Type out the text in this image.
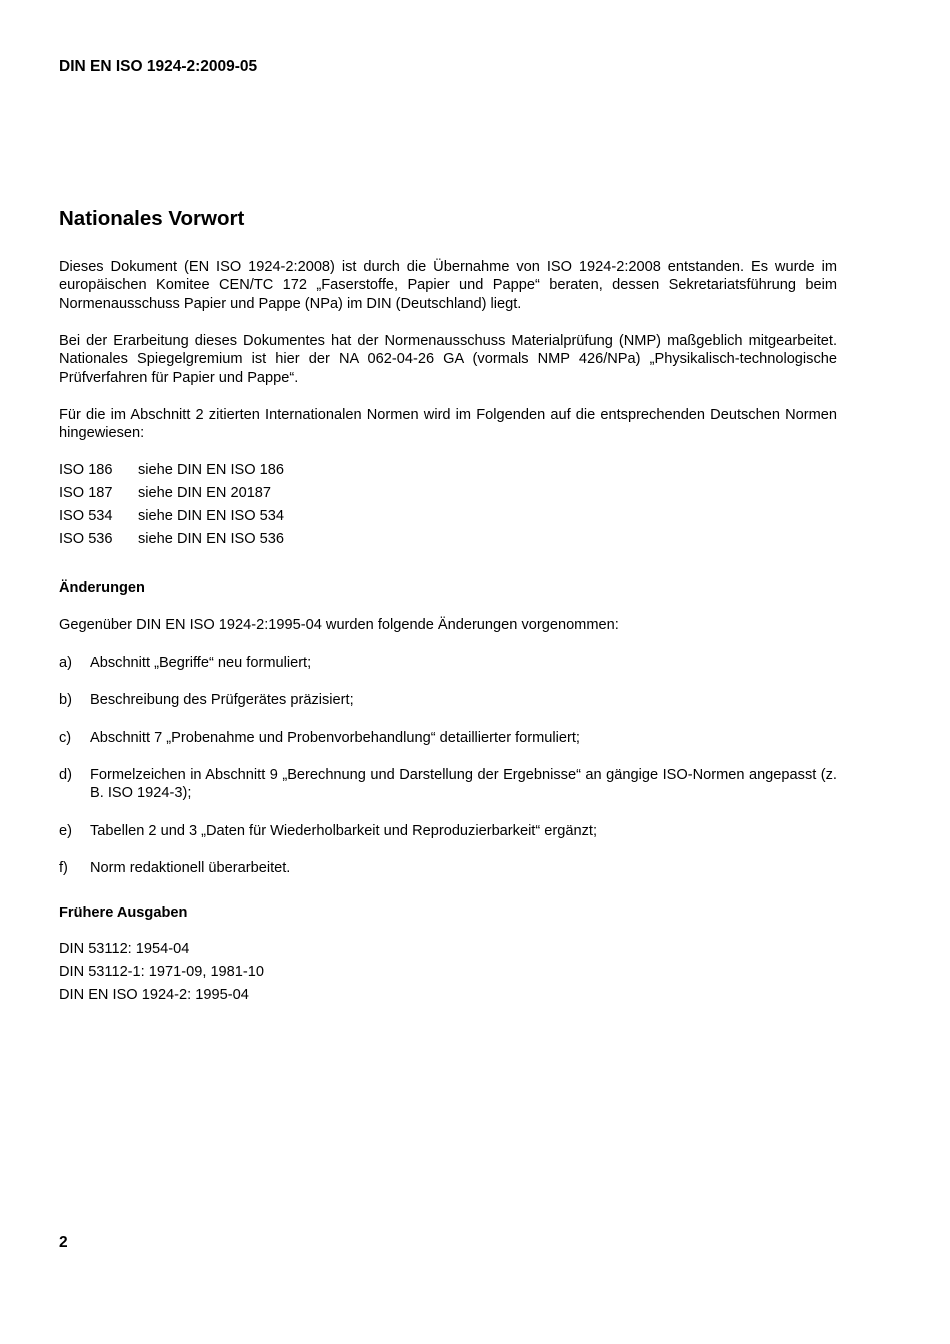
DIN EN ISO 1924-2:2009-05
Nationales Vorwort

Dieses Dokument (EN ISO 1924-2:2008) ist durch die Übernahme von ISO 1924-2:2008 entstanden. Es wurde im europäischen Komitee CEN/TC 172 „Faserstoffe, Papier und Pappe“ beraten, dessen Sekretariatsführung beim Normenausschuss Papier und Pappe (NPa) im DIN (Deutschland) liegt.

Bei der Erarbeitung dieses Dokumentes hat der Normenausschuss Materialprüfung (NMP) maßgeblich mitgearbeitet. Nationales Spiegelgremium ist hier der NA 062-04-26 GA (vormals NMP 426/NPa) „Physikalisch-technologische Prüfverfahren für Papier und Pappe“.

Für die im Abschnitt 2 zitierten Internationalen Normen wird im Folgenden auf die entsprechenden Deutschen Normen hingewiesen:

ISO 186	siehe DIN EN ISO 186
ISO 187	siehe DIN EN 20187
ISO 534	siehe DIN EN ISO 534
ISO 536	siehe DIN EN ISO 536
Änderungen

Gegenüber DIN EN ISO 1924-2:1995-04 wurden folgende Änderungen vorgenommen:

a)	Abschnitt „Begriffe“ neu formuliert;
b)	Beschreibung des Prüfgerätes präzisiert;
c)	Abschnitt 7 „Probenahme und Probenvorbehandlung“ detaillierter formuliert;
d)	Formelzeichen in Abschnitt 9 „Berechnung und Darstellung der Ergebnisse“ an gängige ISO-Normen angepasst (z. B. ISO 1924-3);
e)	Tabellen 2 und 3 „Daten für Wiederholbarkeit und Reproduzierbarkeit“ ergänzt;
f)	Norm redaktionell überarbeitet.
Frühere Ausgaben
DIN 53112: 1954-04
DIN 53112-1: 1971-09, 1981-10
DIN EN ISO 1924-2: 1995-04
2
